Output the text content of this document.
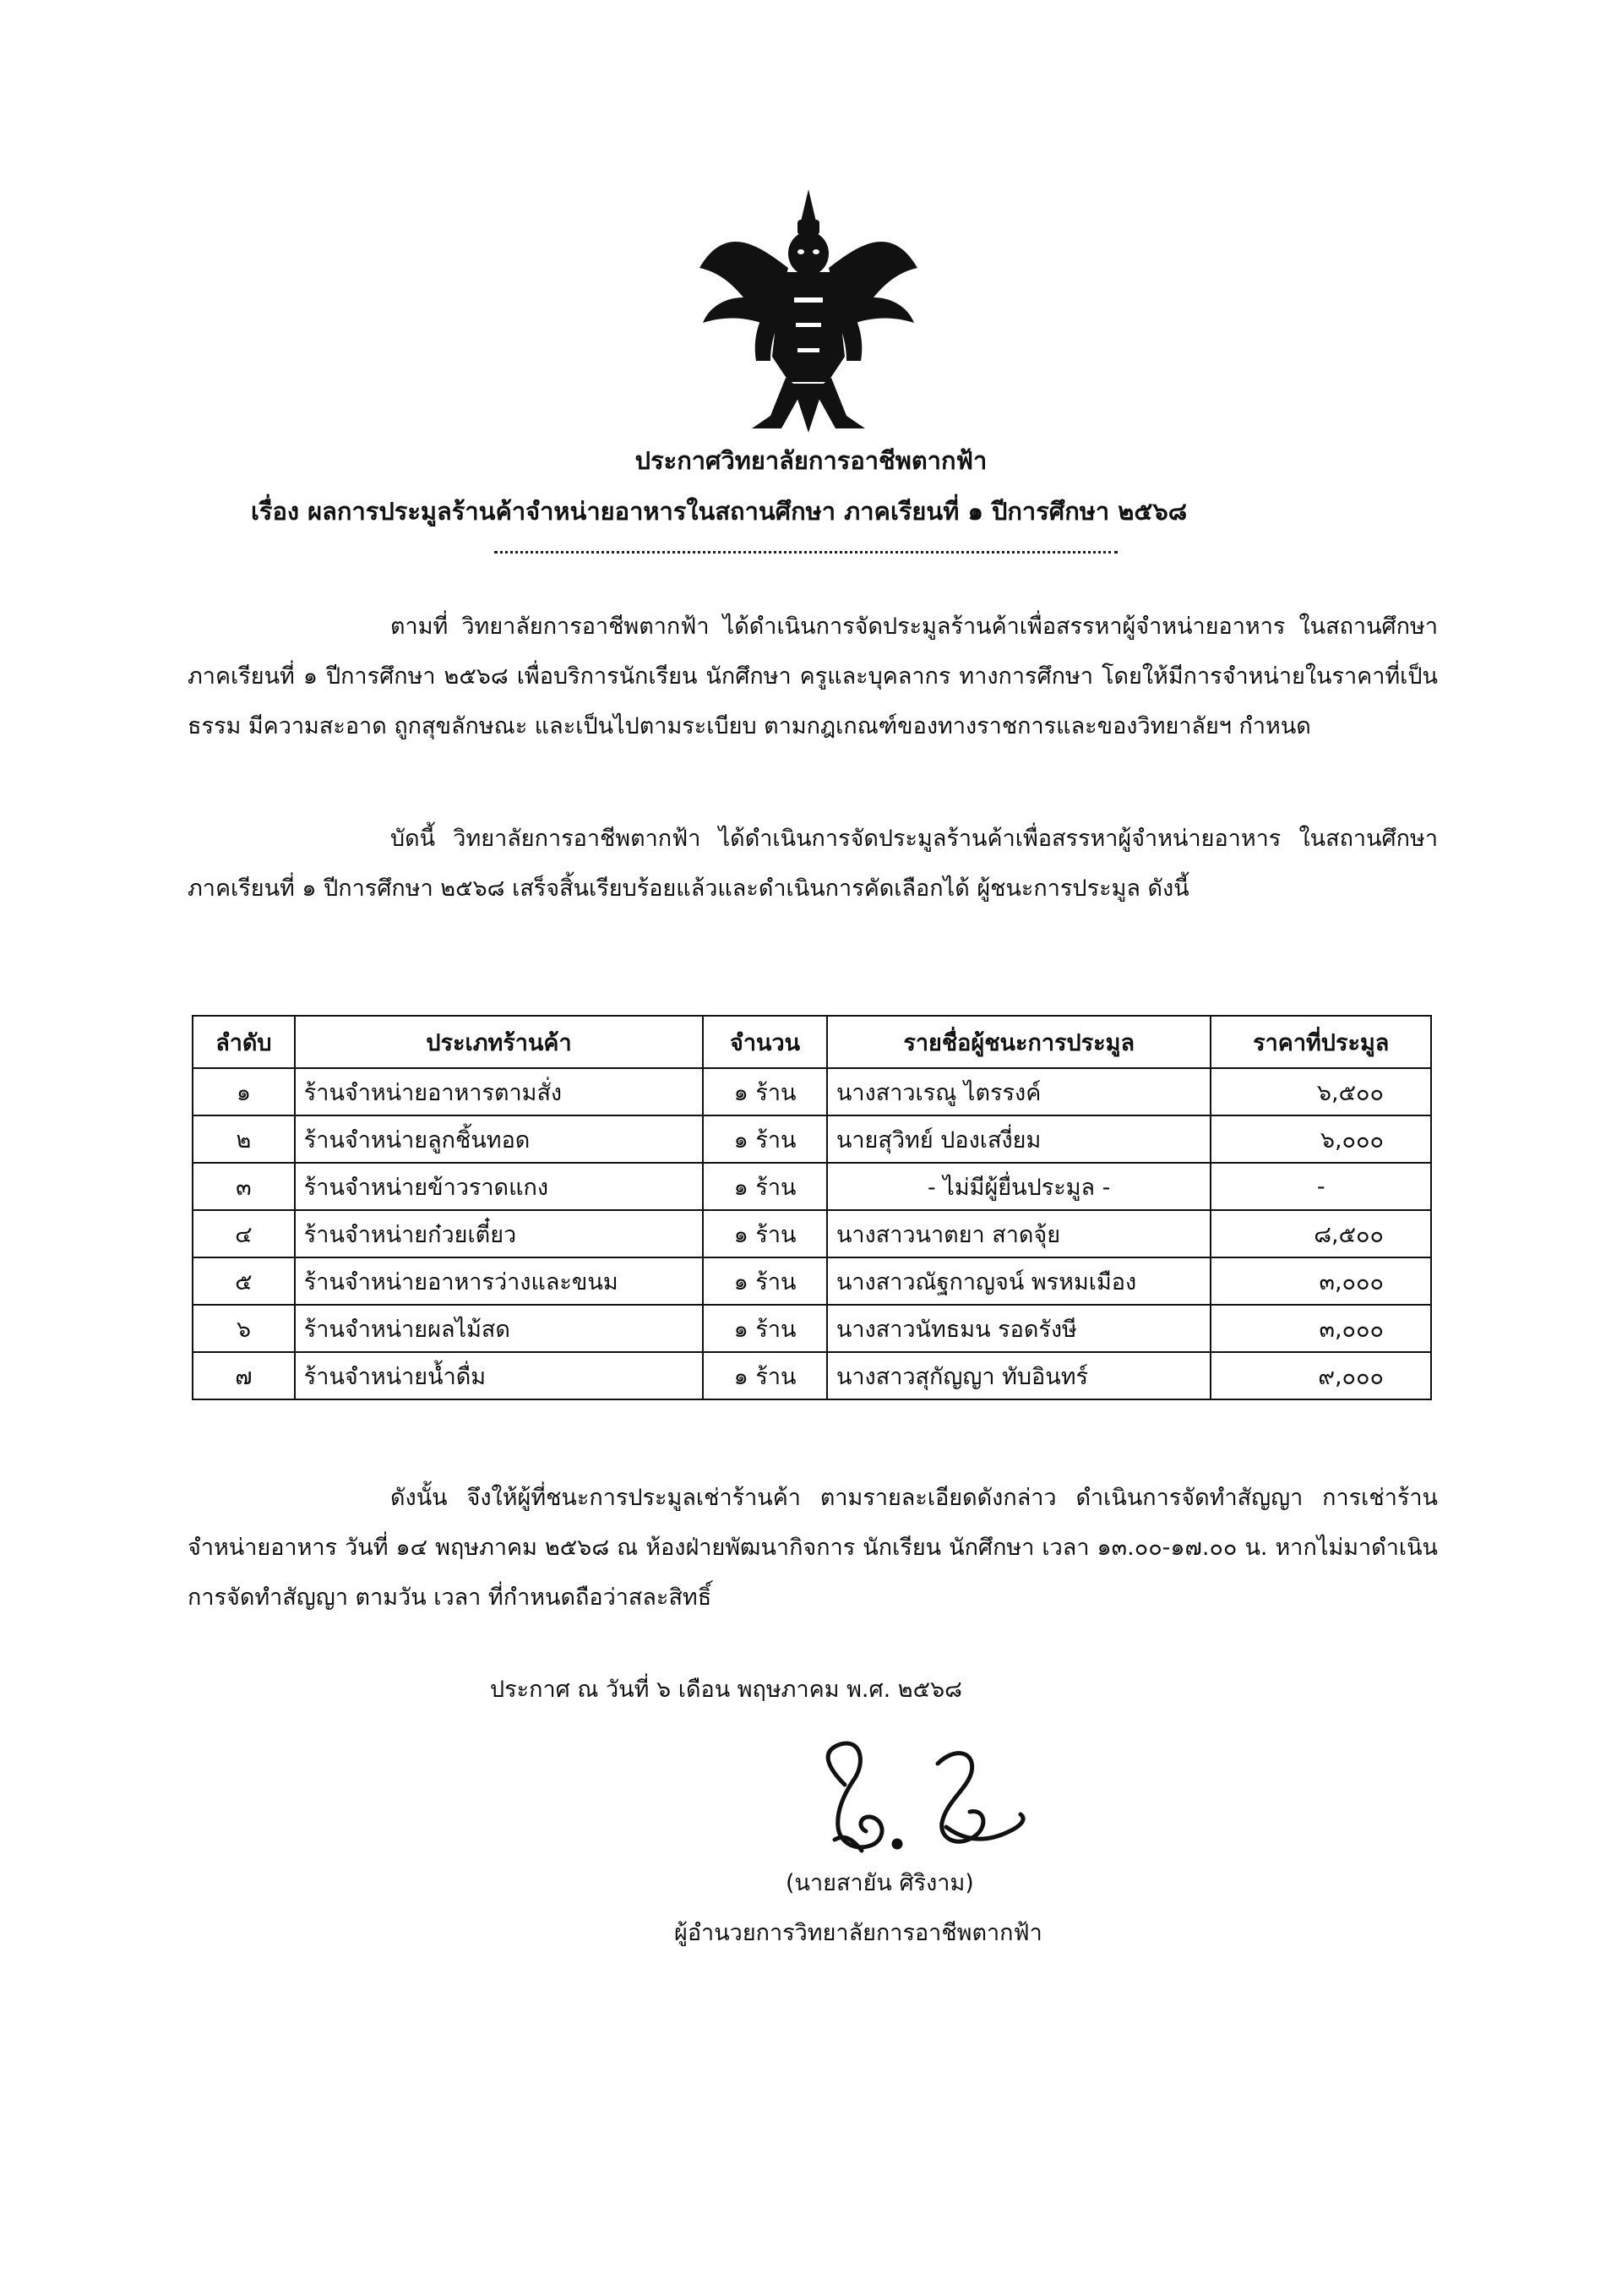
ประกาศวิทยาลัยการอาชีพตากฟ้า
เรื่อง ผลการประมูลร้านค้าจำหน่ายอาหารในสถานศึกษา ภาคเรียนที่ ๑ ปีการศึกษา ๒๕๖๘
ตามที่ วิทยาลัยการอาชีพตากฟ้า ได้ดำเนินการจัดประมูลร้านค้าเพื่อสรรหาผู้จำหน่ายอาหาร ในสถานศึกษา ภาคเรียนที่ ๑ ปีการศึกษา ๒๕๖๘ เพื่อบริการนักเรียน นักศึกษา ครูและบุคลากร ทางการศึกษา โดยให้มีการจำหน่ายในราคาที่เป็นธรรม มีความสะอาด ถูกสุขลักษณะ และเป็นไปตามระเบียบ ตามกฎเกณฑ์ของทางราชการและของวิทยาลัยฯ กำหนด
บัดนี้ วิทยาลัยการอาชีพตากฟ้า ได้ดำเนินการจัดประมูลร้านค้าเพื่อสรรหาผู้จำหน่ายอาหาร ในสถานศึกษา ภาคเรียนที่ ๑ ปีการศึกษา ๒๕๖๘ เสร็จสิ้นเรียบร้อยแล้วและดำเนินการคัดเลือกได้ ผู้ชนะการประมูล ดังนี้
ลำดับ	ประเภทร้านค้า	จำนวน	รายชื่อผู้ชนะการประมูล	ราคาที่ประมูล
๑	ร้านจำหน่ายอาหารตามสั่ง	๑ ร้าน	นางสาวเรณู ไตรรงค์	๖,๕๐๐
๒	ร้านจำหน่ายลูกชิ้นทอด	๑ ร้าน	นายสุวิทย์ ปองเสงี่ยม	๖,๐๐๐
๓	ร้านจำหน่ายข้าวราดแกง	๑ ร้าน	- ไม่มีผู้ยื่นประมูล -	-
๔	ร้านจำหน่ายก๋วยเตี๋ยว	๑ ร้าน	นางสาวนาตยา สาดจุ้ย	๘,๕๐๐
๕	ร้านจำหน่ายอาหารว่างและขนม	๑ ร้าน	นางสาวณัฐกาญจน์ พรหมเมือง	๓,๐๐๐
๖	ร้านจำหน่ายผลไม้สด	๑ ร้าน	นางสาวนัทธมน รอดรังษี	๓,๐๐๐
๗	ร้านจำหน่ายน้ำดื่ม	๑ ร้าน	นางสาวสุกัญญา ทับอินทร์	๙,๐๐๐
ดังนั้น จึงให้ผู้ที่ชนะการประมูลเช่าร้านค้า ตามรายละเอียดดังกล่าว ดำเนินการจัดทำสัญญา การเช่าร้านจำหน่ายอาหาร วันที่ ๑๔ พฤษภาคม ๒๕๖๘ ณ ห้องฝ่ายพัฒนากิจการ นักเรียน นักศึกษา เวลา ๑๓.๐๐-๑๗.๐๐ น. หากไม่มาดำเนินการจัดทำสัญญา ตามวัน เวลา ที่กำหนดถือว่าสละสิทธิ์
ประกาศ ณ วันที่ ๖ เดือน พฤษภาคม พ.ศ. ๒๕๖๘
(นายสายัน ศิริงาม)
ผู้อำนวยการวิทยาลัยการอาชีพตากฟ้า
